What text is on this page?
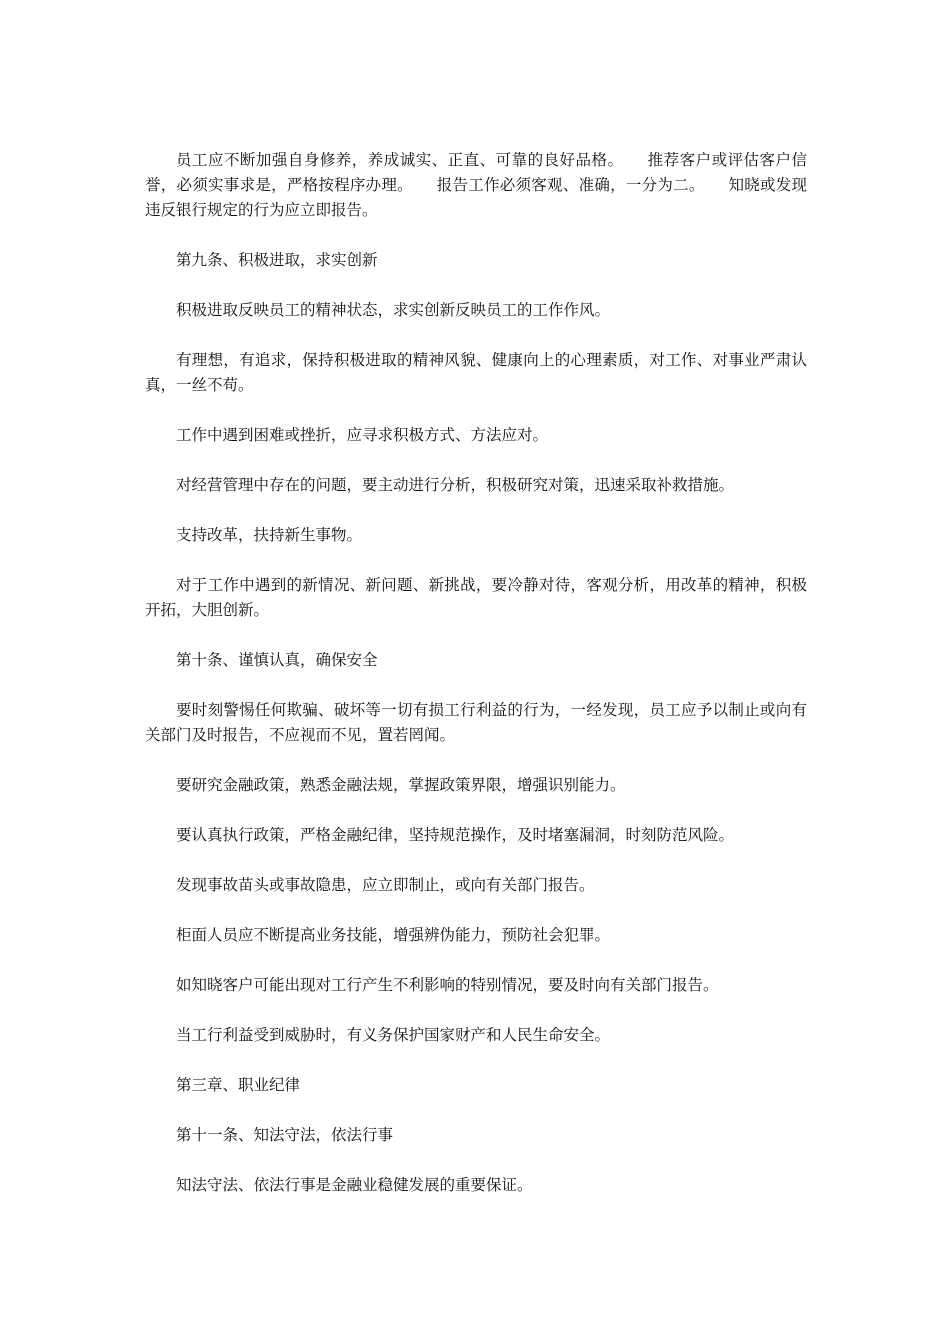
员工应不断加强自身修养，养成诚实、正直、可靠的良好品格。　　推荐客户或评估客户信誉，必须实事求是，严格按程序办理。　　报告工作必须客观、准确，一分为二。　　知晓或发现违反银行规定的行为应立即报告。

第九条、积极进取，求实创新

积极进取反映员工的精神状态，求实创新反映员工的工作作风。

有理想，有追求，保持积极进取的精神风貌、健康向上的心理素质，对工作、对事业严肃认真，一丝不苟。

工作中遇到困难或挫折，应寻求积极方式、方法应对。

对经营管理中存在的问题，要主动进行分析，积极研究对策，迅速采取补救措施。

支持改革，扶持新生事物。

对于工作中遇到的新情况、新问题、新挑战，要冷静对待，客观分析，用改革的精神，积极开拓，大胆创新。

第十条、谨慎认真，确保安全

要时刻警惕任何欺骗、破坏等一切有损工行利益的行为，一经发现，员工应予以制止或向有关部门及时报告，不应视而不见，置若罔闻。

要研究金融政策，熟悉金融法规，掌握政策界限，增强识别能力。

要认真执行政策，严格金融纪律，坚持规范操作，及时堵塞漏洞，时刻防范风险。

发现事故苗头或事故隐患，应立即制止，或向有关部门报告。

柜面人员应不断提高业务技能，增强辨伪能力，预防社会犯罪。

如知晓客户可能出现对工行产生不利影响的特别情况，要及时向有关部门报告。

当工行利益受到威胁时，有义务保护国家财产和人民生命安全。

第三章、职业纪律

第十一条、知法守法，依法行事

知法守法、依法行事是金融业稳健发展的重要保证。
